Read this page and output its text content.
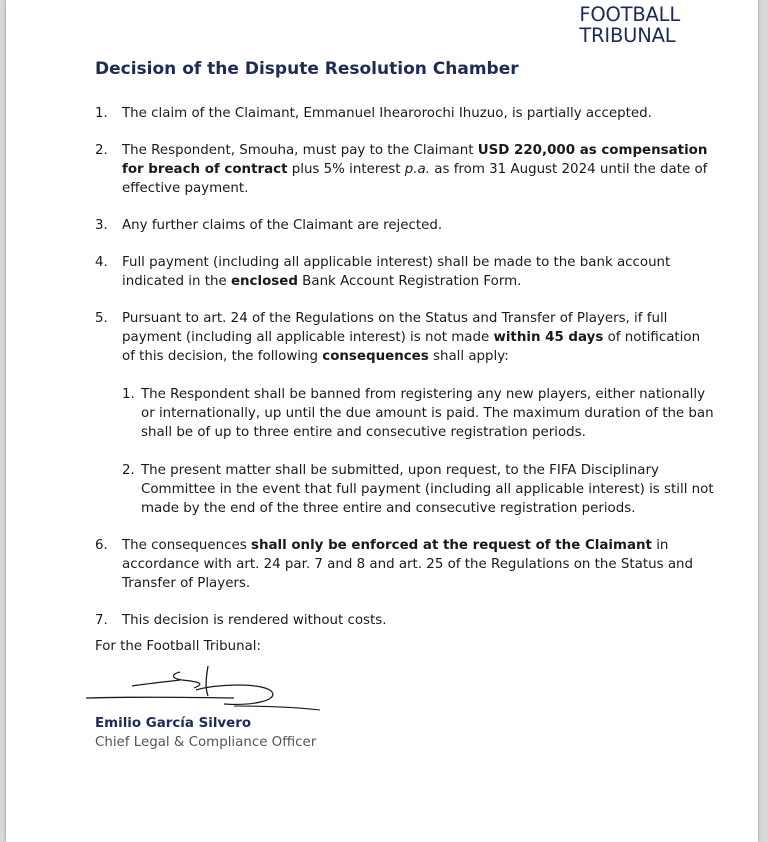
FOOTBALL
TRIBUNAL
Decision of the Dispute Resolution Chamber
1.	The claim of the Claimant, Emmanuel Ihearorochi Ihuzuo, is partially accepted.
2.	The Respondent, Smouha, must pay to the Claimant USD 220,000 as compensation for breach of contract plus 5% interest p.a. as from 31 August 2024 until the date of effective payment.
3.	Any further claims of the Claimant are rejected.
4.	Full payment (including all applicable interest) shall be made to the bank account indicated in the enclosed Bank Account Registration Form.
5.	Pursuant to art. 24 of the Regulations on the Status and Transfer of Players, if full payment (including all applicable interest) is not made within 45 days of notification of this decision, the following consequences shall apply:
1. The Respondent shall be banned from registering any new players, either nationally or internationally, up until the due amount is paid. The maximum duration of the ban shall be of up to three entire and consecutive registration periods.
2. The present matter shall be submitted, upon request, to the FIFA Disciplinary Committee in the event that full payment (including all applicable interest) is still not made by the end of the three entire and consecutive registration periods.
6.	The consequences shall only be enforced at the request of the Claimant in accordance with art. 24 par. 7 and 8 and art. 25 of the Regulations on the Status and Transfer of Players.
7.	This decision is rendered without costs.
For the Football Tribunal:
Emilio García Silvero
Chief Legal & Compliance Officer
